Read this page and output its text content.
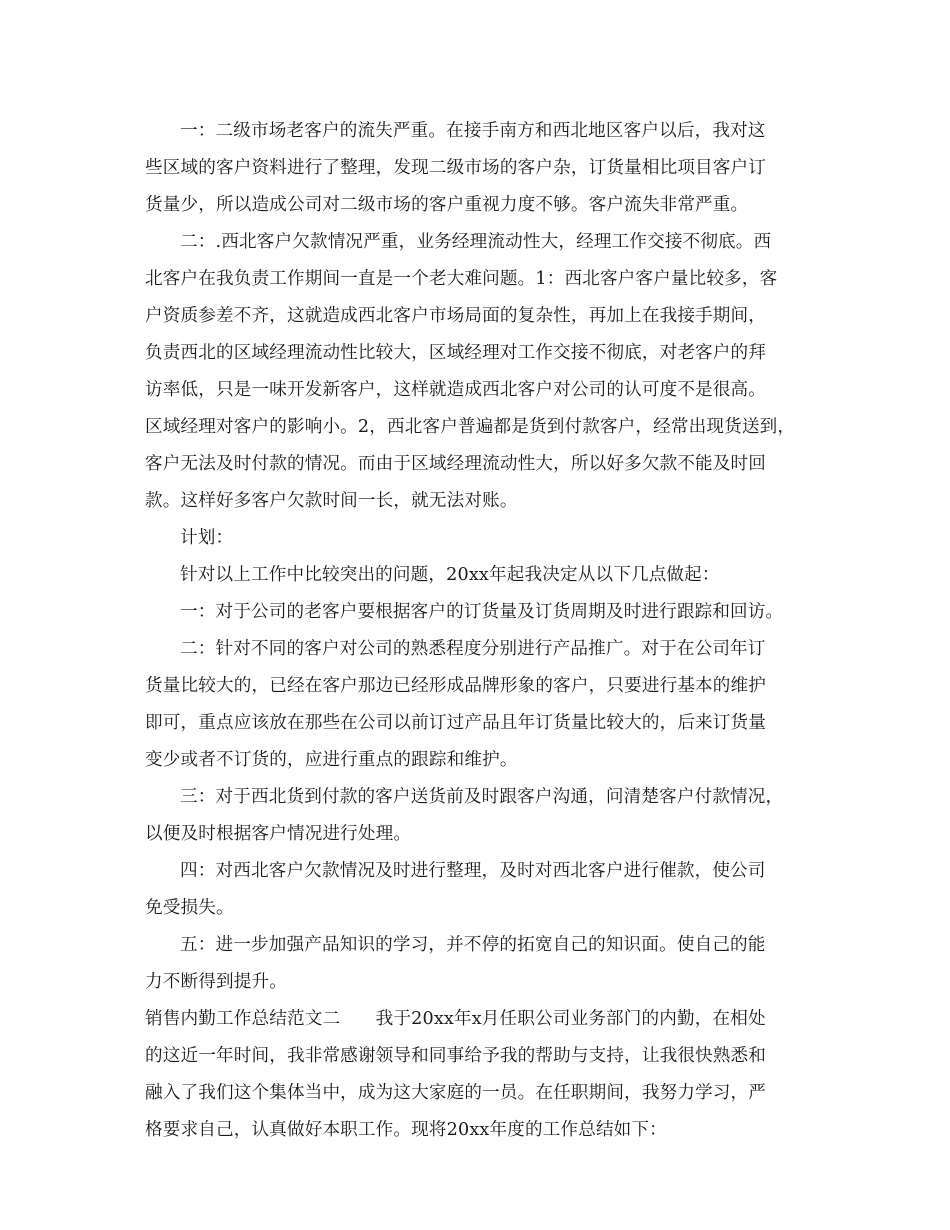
一：二级市场老客户的流失严重。在接手南方和西北地区客户以后，我对这
些区域的客户资料进行了整理，发现二级市场的客户杂，订货量相比项目客户订
货量少，所以造成公司对二级市场的客户重视力度不够。客户流失非常严重。
二：.西北客户欠款情况严重，业务经理流动性大，经理工作交接不彻底。西
北客户在我负责工作期间一直是一个老大难问题。1：西北客户客户量比较多，客
户资质参差不齐，这就造成西北客户市场局面的复杂性，再加上在我接手期间，
负责西北的区域经理流动性比较大，区域经理对工作交接不彻底，对老客户的拜
访率低，只是一味开发新客户，这样就造成西北客户对公司的认可度不是很高。
区域经理对客户的影响小。2，西北客户普遍都是货到付款客户，经常出现货送到，
客户无法及时付款的情况。而由于区域经理流动性大，所以好多欠款不能及时回
款。这样好多客户欠款时间一长，就无法对账。
计划：
针对以上工作中比较突出的问题，20xx年起我决定从以下几点做起：
一：对于公司的老客户要根据客户的订货量及订货周期及时进行跟踪和回访。
二：针对不同的客户对公司的熟悉程度分别进行产品推广。对于在公司年订
货量比较大的，已经在客户那边已经形成品牌形象的客户，只要进行基本的维护
即可，重点应该放在那些在公司以前订过产品且年订货量比较大的，后来订货量
变少或者不订货的，应进行重点的跟踪和维护。
三：对于西北货到付款的客户送货前及时跟客户沟通，问清楚客户付款情况，
以便及时根据客户情况进行处理。
四：对西北客户欠款情况及时进行整理，及时对西北客户进行催款，使公司
免受损失。
五：进一步加强产品知识的学习，并不停的拓宽自己的知识面。使自己的能
力不断得到提升。
销售内勤工作总结范文二　　我于20xx年x月任职公司业务部门的内勤，在相处
的这近一年时间，我非常感谢领导和同事给予我的帮助与支持，让我很快熟悉和
融入了我们这个集体当中，成为这大家庭的一员。在任职期间，我努力学习，严
格要求自己，认真做好本职工作。现将20xx年度的工作总结如下：
